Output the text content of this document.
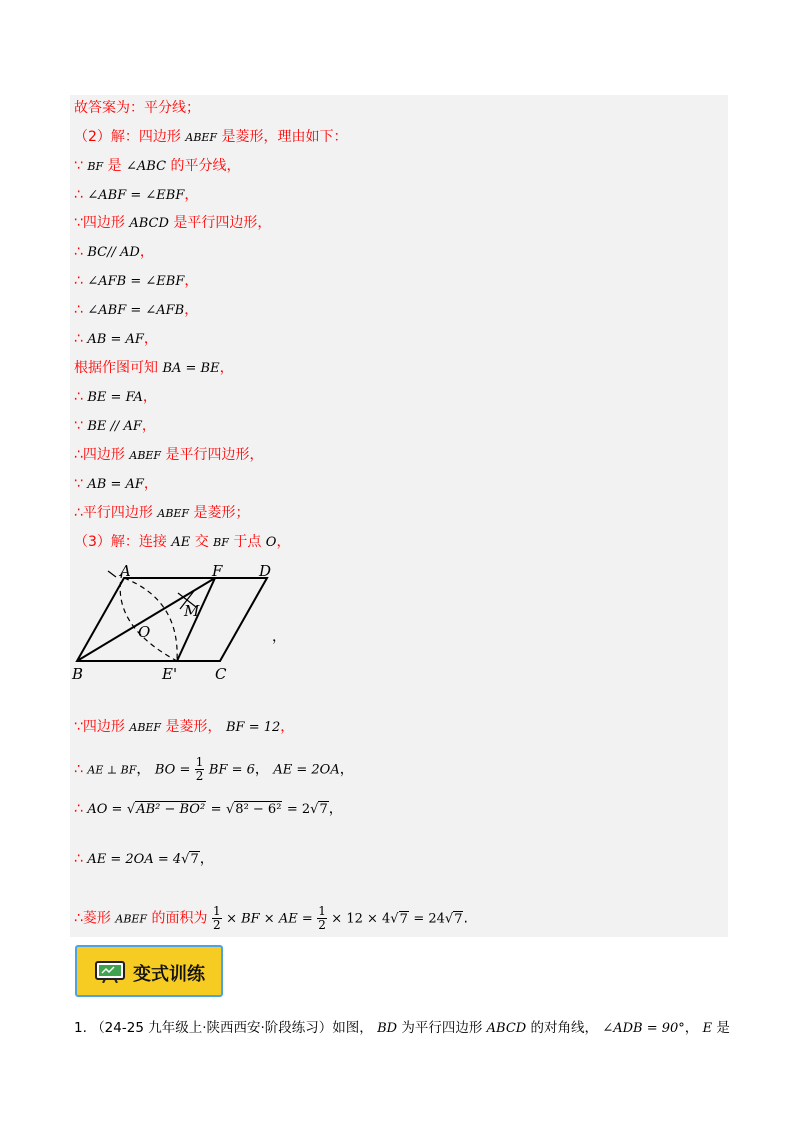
故答案为：平分线；
（2）解：四边形 ABEF 是菱形，理由如下：
∵ BF 是 ∠ABC 的平分线，
∴ ∠ABF = ∠EBF，
∵四边形 ABCD 是平行四边形，
∴ BC// AD，
∴ ∠AFB = ∠EBF，
∴ ∠ABF = ∠AFB，
∴ AB = AF，
根据作图可知 BA = BE，
∴ BE = FA，
∵ BE // AF，
∴四边形 ABEF 是平行四边形，
∵ AB = AF，
∴平行四边形 ABEF 是菱形；
（3）解：连接 AE 交 BF 于点 O，
A	F D
M
O
B	E'	C
，
∵四边形 ABEF 是菱形， BF = 12，
∴ AE ⊥ BF， BO = $\frac{1}{2}$ BF = 6， AE = 2OA，
∴ AO = √AB² − BO² = √8² − 6² = 2√7，
∴ AE = 2OA = 4√7，
∴菱形 ABEF 的面积为 $\frac{1}{2}$ × BF × AE = $\frac{1}{2} \times 12 \times 4√7 = 24√7$.
变式训练
1. （24-25 九年级上·陕西西安·阶段练习）如图， BD 为平行四边形 ABCD 的对角线， ∠ADB = 90°， E 是
